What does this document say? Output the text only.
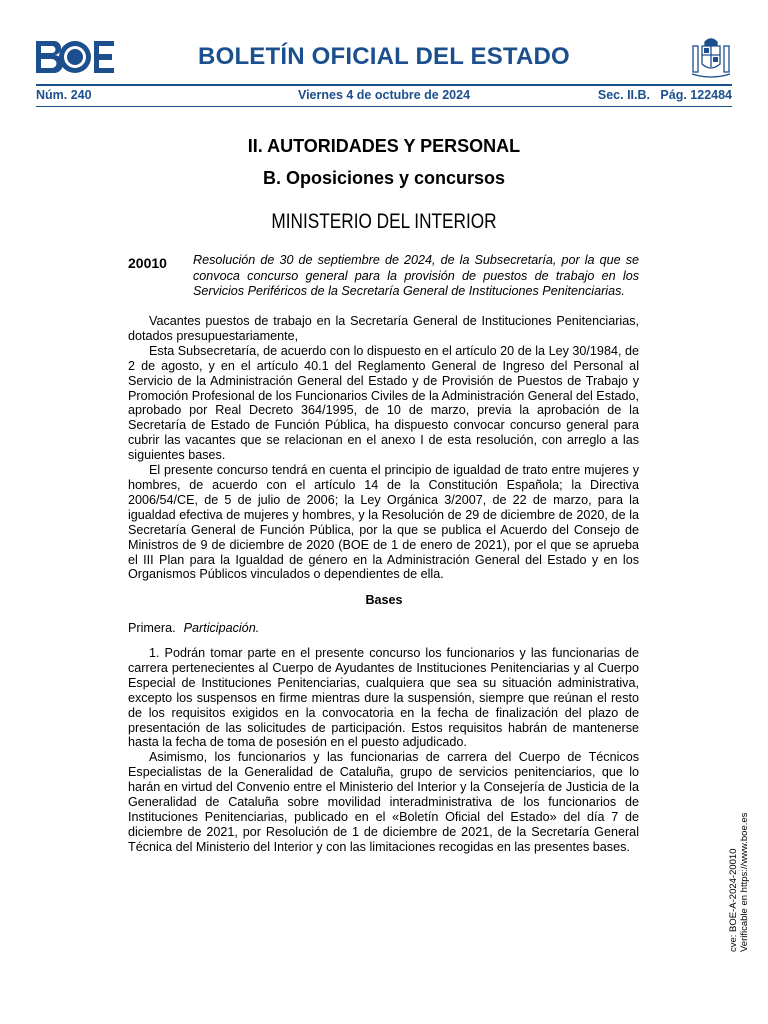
BOLETÍN OFICIAL DEL ESTADO
Núm. 240	Viernes 4 de octubre de 2024	Sec. II.B.   Pág. 122484
II. AUTORIDADES Y PERSONAL
B. Oposiciones y concursos
MINISTERIO DEL INTERIOR
20010 Resolución de 30 de septiembre de 2024, de la Subsecretaría, por la que se convoca concurso general para la provisión de puestos de trabajo en los Servicios Periféricos de la Secretaría General de Instituciones Penitenciarias.

Vacantes puestos de trabajo en la Secretaría General de Instituciones Penitenciarias, dotados presupuestariamente,

Esta Subsecretaría, de acuerdo con lo dispuesto en el artículo 20 de la Ley 30/1984, de 2 de agosto, y en el artículo 40.1 del Reglamento General de Ingreso del Personal al Servicio de la Administración General del Estado y de Provisión de Puestos de Trabajo y Promoción Profesional de los Funcionarios Civiles de la Administración General del Estado, aprobado por Real Decreto 364/1995, de 10 de marzo, previa la aprobación de la Secretaría de Estado de Función Pública, ha dispuesto convocar concurso general para cubrir las vacantes que se relacionan en el anexo I de esta resolución, con arreglo a las siguientes bases.

El presente concurso tendrá en cuenta el principio de igualdad de trato entre mujeres y hombres, de acuerdo con el artículo 14 de la Constitución Española; la Directiva 2006/54/CE, de 5 de julio de 2006; la Ley Orgánica 3/2007, de 22 de marzo, para la igualdad efectiva de mujeres y hombres, y la Resolución de 29 de diciembre de 2020, de la Secretaría General de Función Pública, por la que se publica el Acuerdo del Consejo de Ministros de 9 de diciembre de 2020 (BOE de 1 de enero de 2021), por el que se aprueba el III Plan para la Igualdad de género en la Administración General del Estado y en los Organismos Públicos vinculados o dependientes de ella.

Bases
Primera. Participación.

1. Podrán tomar parte en el presente concurso los funcionarios y las funcionarias de carrera pertenecientes al Cuerpo de Ayudantes de Instituciones Penitenciarias y al Cuerpo Especial de Instituciones Penitenciarias, cualquiera que sea su situación administrativa, excepto los suspensos en firme mientras dure la suspensión, siempre que reúnan el resto de los requisitos exigidos en la convocatoria en la fecha de finalización del plazo de presentación de las solicitudes de participación. Estos requisitos habrán de mantenerse hasta la fecha de toma de posesión en el puesto adjudicado.

Asimismo, los funcionarios y las funcionarias de carrera del Cuerpo de Técnicos Especialistas de la Generalidad de Cataluña, grupo de servicios penitenciarios, que lo harán en virtud del Convenio entre el Ministerio del Interior y la Consejería de Justicia de la Generalidad de Cataluña sobre movilidad interadministrativa de los funcionarios de Instituciones Penitenciarias, publicado en el «Boletín Oficial del Estado» del día 7 de diciembre de 2021, por Resolución de 1 de diciembre de 2021, de la Secretaría General Técnica del Ministerio del Interior y con las limitaciones recogidas en las presentes bases.

cve: BOE-A-2024-20010 Verificable en https://www.boe.es
